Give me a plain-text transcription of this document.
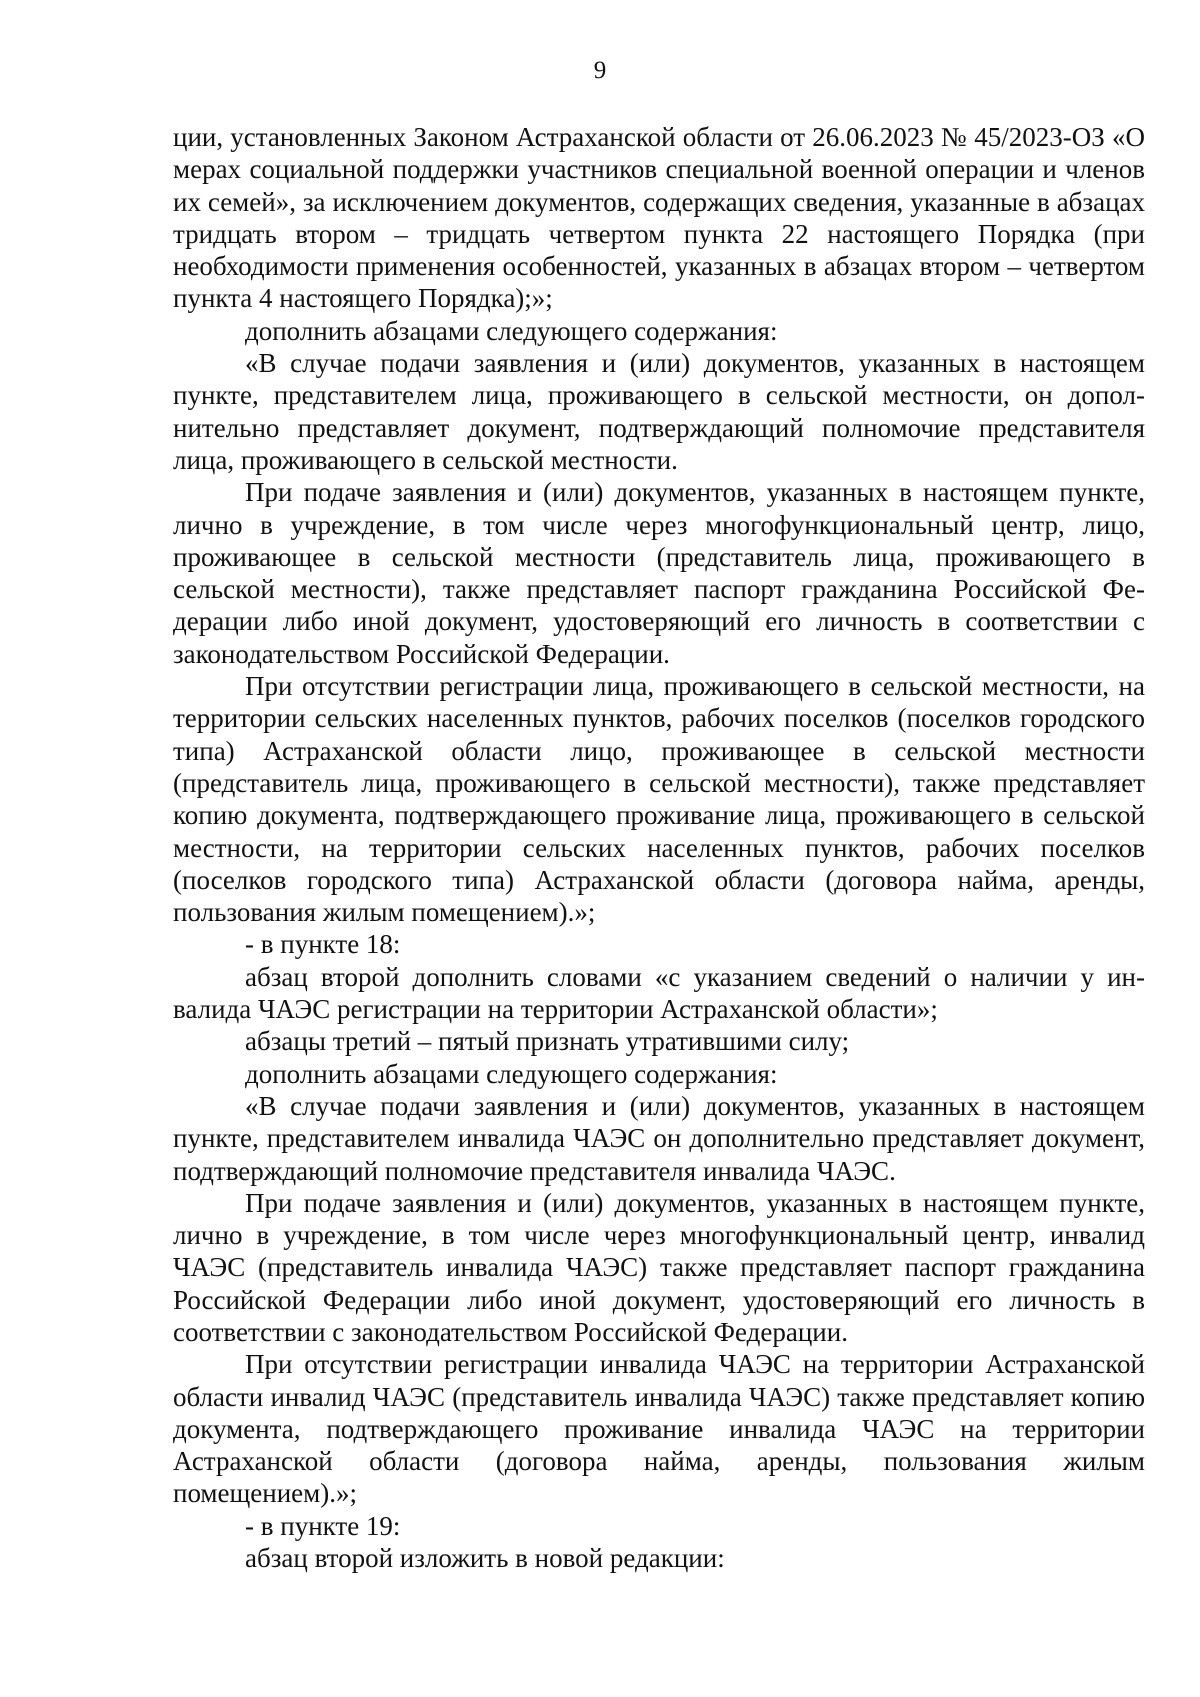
9

ции, установленных Законом Астраханской области от 26.06.2023 № 45/2023-ОЗ «О мерах социальной поддержки участников специальной военной операции и членов их семей», за исключением документов, содержащих сведения, указанные в абзацах тридцать втором – тридцать четвертом пункта 22 настоящего Порядка (при необходимости применения особенностей, указанных в абзацах втором – четвертом пункта 4 настоящего Порядка);»;

дополнить абзацами следующего содержания:

«В случае подачи заявления и (или) документов, указанных в настоящем пункте, представителем лица, проживающего в сельской местности, он дополнительно представляет документ, подтверждающий полномочие представителя лица, проживающего в сельской местности.

При подаче заявления и (или) документов, указанных в настоящем пункте, лично в учреждение, в том числе через многофункциональный центр, лицо, проживающее в сельской местности (представитель лица, проживающего в сельской местности), также представляет паспорт гражданина Российской Федерации либо иной документ, удостоверяющий его личность в соответствии с законодательством Российской Федерации.

При отсутствии регистрации лица, проживающего в сельской местности, на территории сельских населенных пунктов, рабочих поселков (поселков городского типа) Астраханской области лицо, проживающее в сельской местности (представитель лица, проживающего в сельской местности), также представляет копию документа, подтверждающего проживание лица, проживающего в сельской местности, на территории сельских населенных пунктов, рабочих поселков (поселков городского типа) Астраханской области (договора найма, аренды, пользования жилым помещением).»;

- в пункте 18:

абзац второй дополнить словами «с указанием сведений о наличии у инвалида ЧАЭС регистрации на территории Астраханской области»;

абзацы третий – пятый признать утратившими силу;

дополнить абзацами следующего содержания:

«В случае подачи заявления и (или) документов, указанных в настоящем пункте, представителем инвалида ЧАЭС он дополнительно представляет документ, подтверждающий полномочие представителя инвалида ЧАЭС.

При подаче заявления и (или) документов, указанных в настоящем пункте, лично в учреждение, в том числе через многофункциональный центр, инвалид ЧАЭС (представитель инвалида ЧАЭС) также представляет паспорт гражданина Российской Федерации либо иной документ, удостоверяющий его личность в соответствии с законодательством Российской Федерации.

При отсутствии регистрации инвалида ЧАЭС на территории Астраханской области инвалид ЧАЭС (представитель инвалида ЧАЭС) также представляет копию документа, подтверждающего проживание инвалида ЧАЭС на территории Астраханской области (договора найма, аренды, пользования жилым помещением).»;

- в пункте 19:

абзац второй изложить в новой редакции:
